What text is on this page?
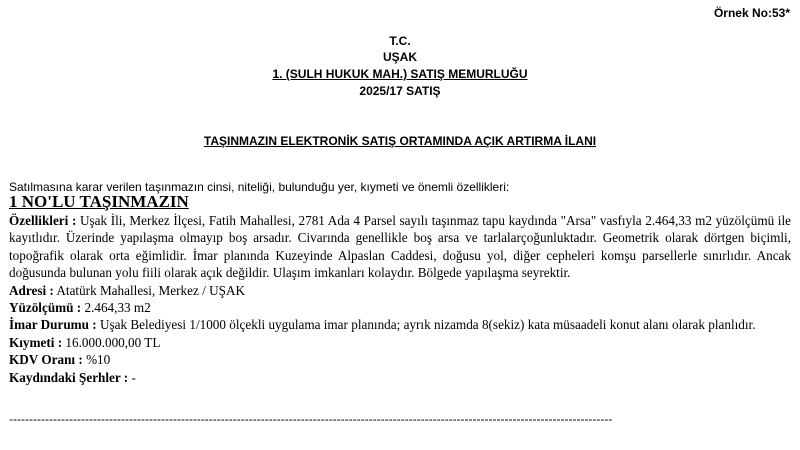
Örnek No:53*
T.C.
UŞAK
1. (SULH HUKUK MAH.) SATIŞ MEMURLUĞU
2025/17 SATIŞ
TAŞINMAZIN ELEKTRONİK SATIŞ ORTAMINDA AÇIK ARTIRMA İLANI
Satılmasına karar verilen taşınmazın cinsi, niteliği, bulunduğu yer, kıymeti ve önemli özellikleri:
1 NO'LU TAŞINMAZIN

Özellikleri : Uşak İli, Merkez İlçesi, Fatih Mahallesi, 2781 Ada 4 Parsel sayılı taşınmaz tapu kaydında "Arsa" vasfıyla 2.464,33 m2 yüzölçümü ile kayıtlıdır. Üzerinde yapılaşma olmayıp boş arsadır. Civarında genellikle boş arsa ve tarlalarçoğunluktadır. Geometrik olarak dörtgen biçimli, topoğrafik olarak orta eğimlidir. İmar planında Kuzeyinde Alpaslan Caddesi, doğusu yol, diğer cepheleri komşu parsellerle sınırlıdır. Ancak doğusunda bulunan yolu fiili olarak açık değildir. Ulaşım imkanları kolaydır. Bölgede yapılaşma seyrektir.

Adresi : Atatürk Mahallesi, Merkez / UŞAK

Yüzölçümü : 2.464,33 m2

İmar Durumu : Uşak Belediyesi 1/1000 ölçekli uygulama imar planında; ayrık nizamda 8(sekiz) kata müsaadeli konut alanı olarak planlıdır.

Kıymeti : 16.000.000,00 TL

KDV Oranı : %10

Kaydındaki Şerhler : -

-------------------------------------------------------------------------------------------------------------------------------------------------------
